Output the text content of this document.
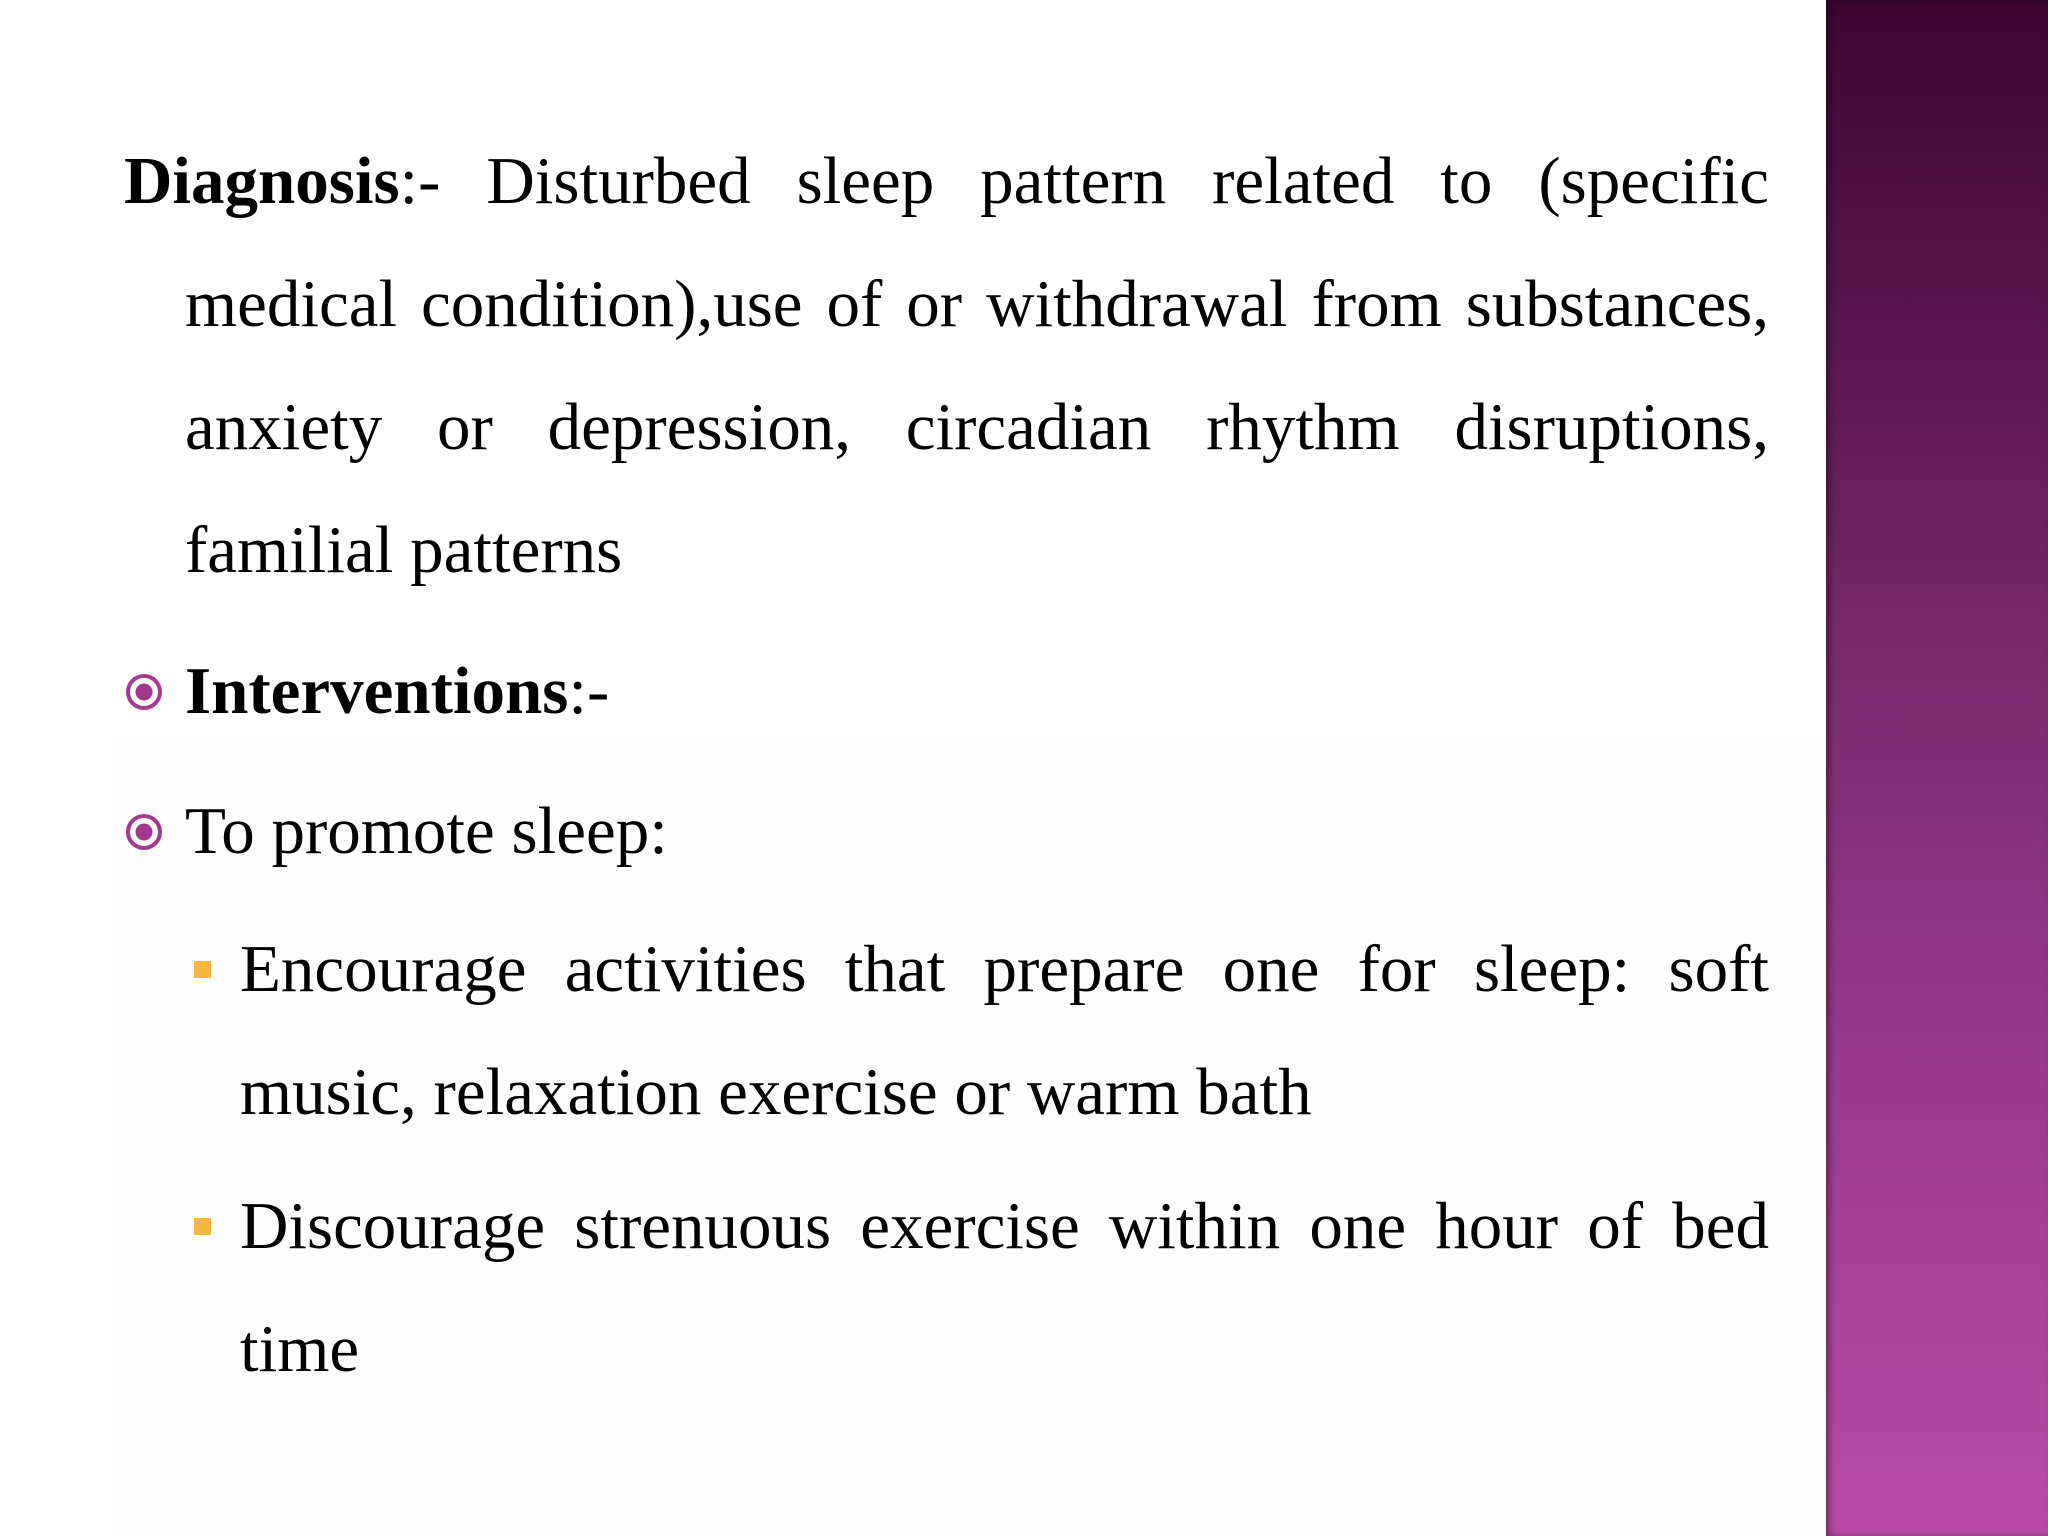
Diagnosis:- Disturbed sleep pattern related to (specific medical condition),use of or withdrawal from substances, anxiety or depression, circadian rhythm disruptions, familial patterns

Interventions:-
To promote sleep:

Encourage activities that prepare one for sleep: soft music, relaxation exercise or warm bath

Discourage strenuous exercise within one hour of bed time
